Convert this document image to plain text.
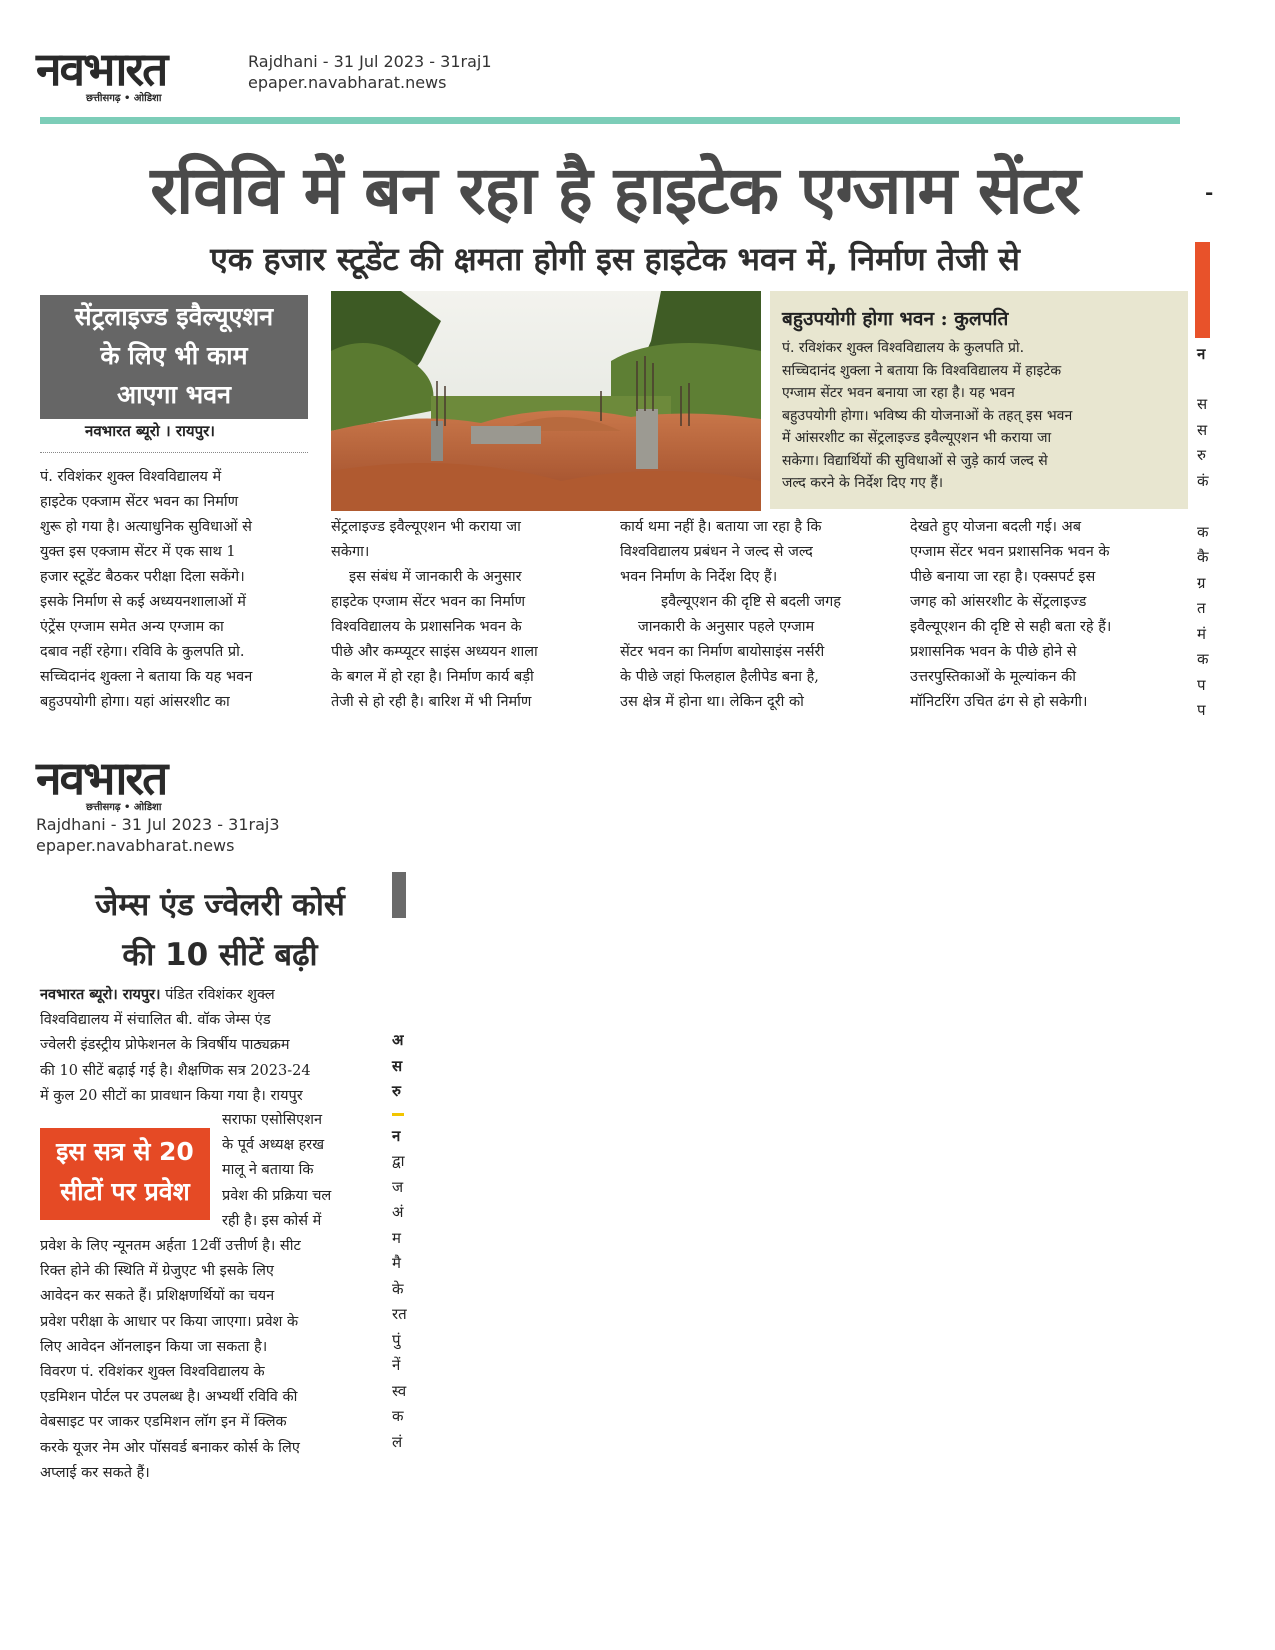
नवभारत
छत्तीसगढ़ • ओडिशा
Rajdhani - 31 Jul 2023 - 31raj1
epaper.navabharat.news
रविवि में बन रहा है हाइटेक एग्जाम सेंटर
एक हजार स्टूडेंट की क्षमता होगी इस हाइटेक भवन में, निर्माण तेजी से
सेंट्रलाइज्ड इवैल्यूएशन
के लिए भी काम
आएगा भवन
नवभारत ब्यूरो । रायपुर।
बहुउपयोगी होगा भवन : कुलपति
पं. रविशंकर शुक्ल विश्वविद्यालय के कुलपति प्रो.
सच्चिदानंद शुक्ला ने बताया कि विश्वविद्यालय में हाइटेक
एग्जाम सेंटर भवन बनाया जा रहा है। यह भवन
बहुउपयोगी होगा। भविष्य की योजनाओं के तहत् इस भवन
में आंसरशीट का सेंट्रलाइज्ड इवैल्यूएशन भी कराया जा
सकेगा। विद्यार्थियों की सुविधाओं से जुड़े कार्य जल्द से
जल्द करने के निर्देश दिए गए हैं।

पं. रविशंकर शुक्ल विश्वविद्यालय में

हाइटेक एक्जाम सेंटर भवन का निर्माण

शुरू हो गया है। अत्याधुनिक सुविधाओं से

युक्त इस एक्जाम सेंटर में एक साथ 1

हजार स्टूडेंट बैठकर परीक्षा दिला सकेंगे।

इसके निर्माण से कई अध्ययनशालाओं में

एंट्रेंस एग्जाम समेत अन्य एग्जाम का

दबाव नहीं रहेगा। रविवि के कुलपति प्रो.

सच्चिदानंद शुक्ला ने बताया कि यह भवन

बहुउपयोगी होगा। यहां आंसरशीट का

सेंट्रलाइज्ड इवैल्यूएशन भी कराया जा

सकेगा।

इस संबंध में जानकारी के अनुसार

हाइटेक एग्जाम सेंटर भवन का निर्माण

विश्वविद्यालय के प्रशासनिक भवन के

पीछे और कम्प्यूटर साइंस अध्ययन शाला

के बगल में हो रहा है। निर्माण कार्य बड़ी

तेजी से हो रही है। बारिश में भी निर्माण

कार्य थमा नहीं है। बताया जा रहा है कि

विश्वविद्यालय प्रबंधन ने जल्द से जल्द

भवन निर्माण के निर्देश दिए हैं।

इवैल्यूएशन की दृष्टि से बदली जगह

जानकारी के अनुसार पहले एग्जाम

सेंटर भवन का निर्माण बायोसाइंस नर्सरी

के पीछे जहां फिलहाल हैलीपेड बना है,

उस क्षेत्र में होना था। लेकिन दूरी को

देखते हुए योजना बदली गई। अब

एग्जाम सेंटर भवन प्रशासनिक भवन के

पीछे बनाया जा रहा है। एक्सपर्ट इस

जगह को आंसरशीट के सेंट्रलाइज्ड

इवैल्यूएशन की दृष्टि से सही बता रहे हैं।

प्रशासनिक भवन के पीछे होने से

उत्तरपुस्तिकाओं के मूल्यांकन की

मॉनिटरिंग उचित ढंग से हो सकेगी।

-
न
स
स
रु
कं

क
कै
ग्र
त
मं
क
प
प
नवभारत
छत्तीसगढ़ • ओडिशा
Rajdhani - 31 Jul 2023 - 31raj3
epaper.navabharat.news
जेम्स एंड ज्वेलरी कोर्स
की 10 सीटें बढ़ी
नवभारत ब्यूरो। रायपुर। पंडित रविशंकर शुक्ल
विश्वविद्यालय में संचालित बी. वॉक जेम्स एंड
ज्वेलरी इंडस्ट्रीय प्रोफेशनल के त्रिवर्षीय पाठ्यक्रम
की 10 सीटें बढ़ाई गई है। शैक्षणिक सत्र 2023-24
में कुल 20 सीटों का प्रावधान किया गया है। रायपुर
इस सत्र से 20
सीटों पर प्रवेश
सराफा एसोसिएशन
के पूर्व अध्यक्ष हरख
मालू ने बताया कि
प्रवेश की प्रक्रिया चल
रही है। इस कोर्स में
प्रवेश के लिए न्यूनतम अर्हता 12वीं उत्तीर्ण है। सीट
रिक्त होने की स्थिति में ग्रेजुएट भी इसके लिए
आवेदन कर सकते हैं। प्रशिक्षणर्थियों का चयन
प्रवेश परीक्षा के आधार पर किया जाएगा। प्रवेश के
लिए आवेदन ऑनलाइन किया जा सकता है।
विवरण पं. रविशंकर शुक्ल विश्वविद्यालय के
एडमिशन पोर्टल पर उपलब्ध है। अभ्यर्थी रविवि की
वेबसाइट पर जाकर एडमिशन लॉग इन में क्लिक
करके यूजर नेम ओर पॉसवर्ड बनाकर कोर्स के लिए
अप्लाई कर सकते हैं।
अ
स
रु
न
द्वा
ज
अं
म
मै
के
रत
पुं
नें
स्व
क
लं
